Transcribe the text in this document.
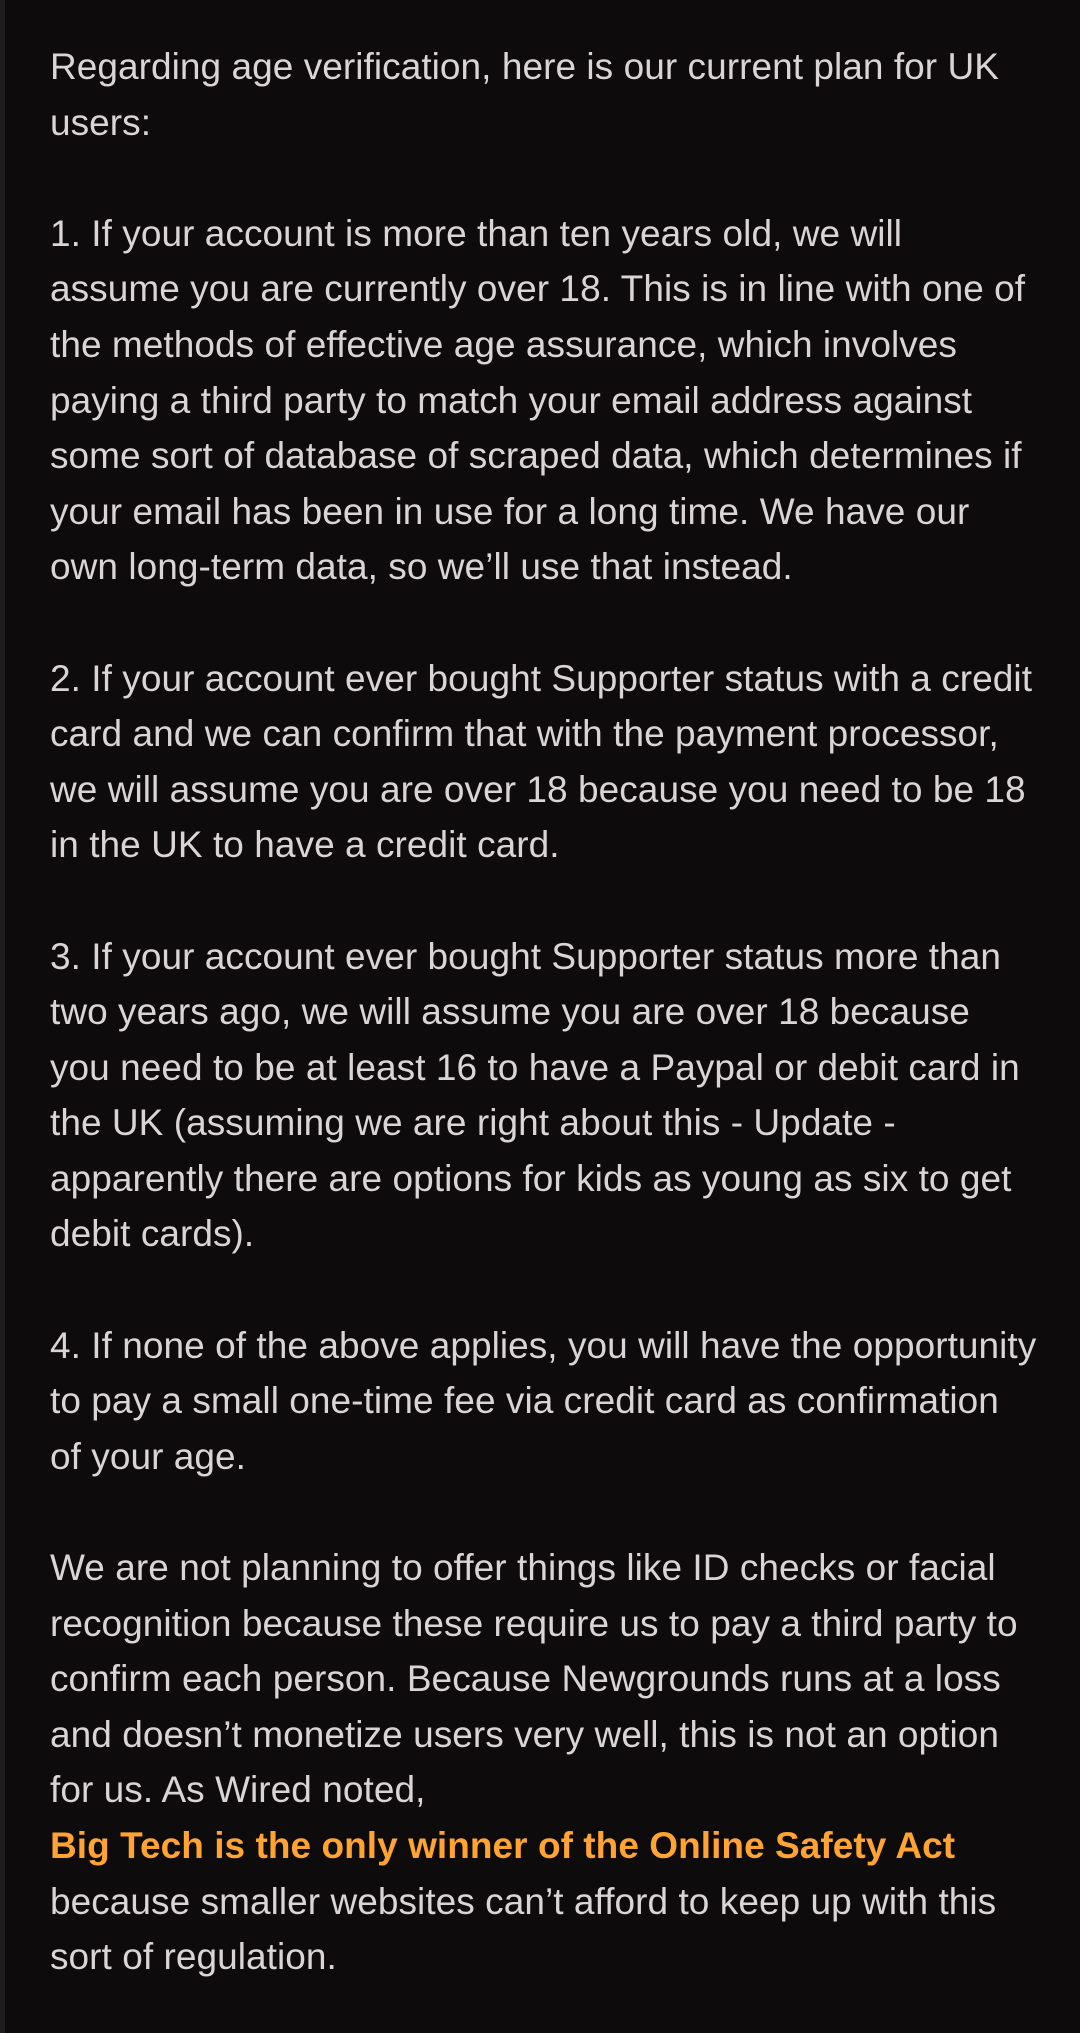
Regarding age verification, here is our current plan for UK users:

1. If your account is more than ten years old, we will assume you are currently over 18. This is in line with one of the methods of effective age assurance, which involves paying a third party to match your email address against some sort of database of scraped data, which determines if your email has been in use for a long time. We have our own long-term data, so we’ll use that instead.

2. If your account ever bought Supporter status with a credit card and we can confirm that with the payment processor, we will assume you are over 18 because you need to be 18 in the UK to have a credit card.

3. If your account ever bought Supporter status more than two years ago, we will assume you are over 18 because you need to be at least 16 to have a Paypal or debit card in the UK (assuming we are right about this - Update - apparently there are options for kids as young as six to get debit cards).

4. If none of the above applies, you will have the opportunity to pay a small one-time fee via credit card as confirmation of your age.

We are not planning to offer things like ID checks or facial recognition because these require us to pay a third party to confirm each person. Because Newgrounds runs at a loss and doesn’t monetize users very well, this is not an option for us. As Wired noted,
Big Tech is the only winner of the Online Safety Act
because smaller websites can’t afford to keep up with this sort of regulation.
